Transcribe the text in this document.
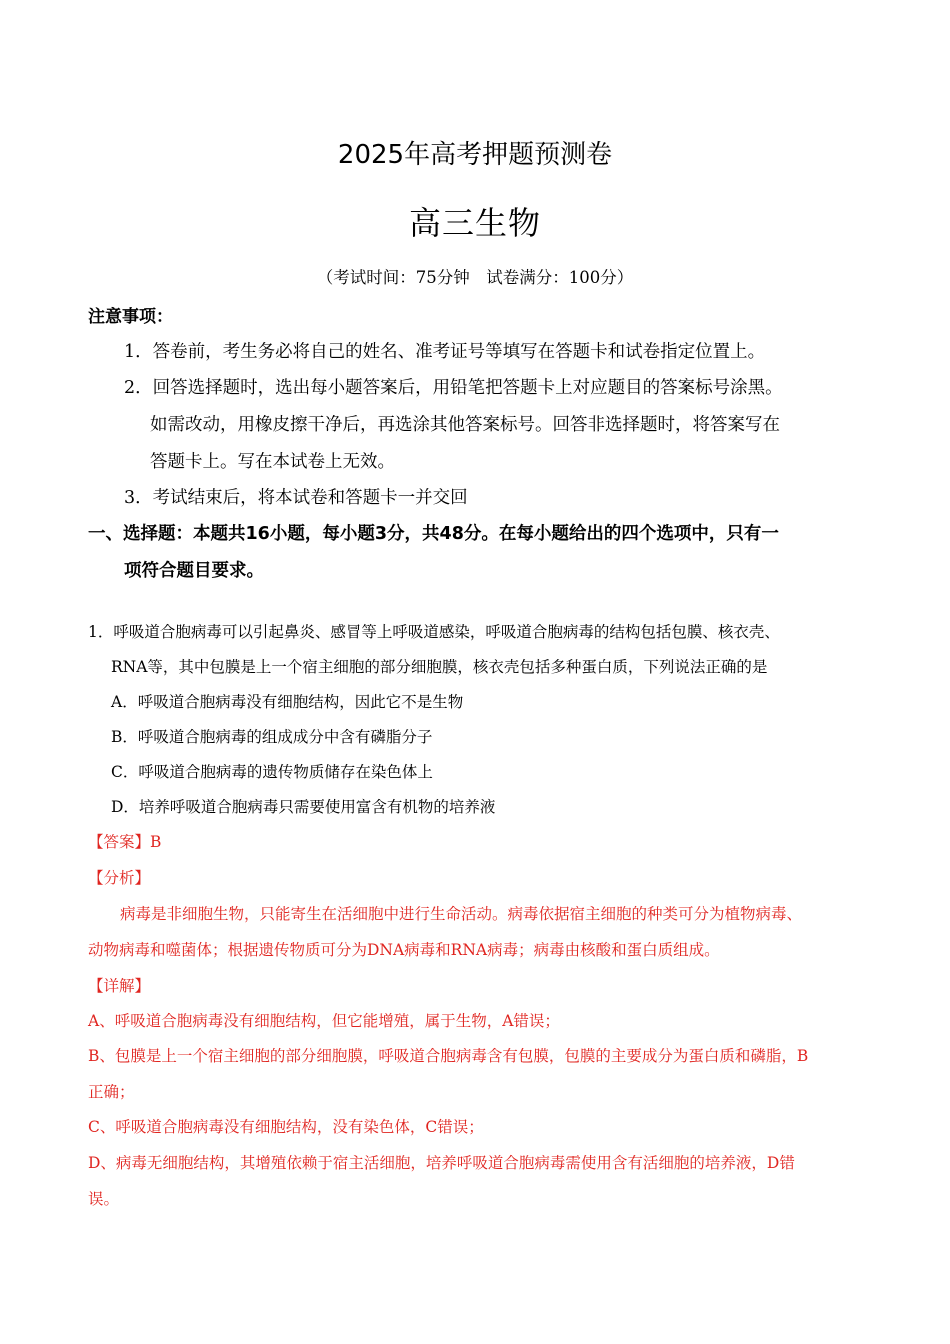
2025年高考押题预测卷
高三生物
（考试时间：75分钟　试卷满分：100分）
注意事项：
1．答卷前，考生务必将自己的姓名、准考证号等填写在答题卡和试卷指定位置上。
2．回答选择题时，选出每小题答案后，用铅笔把答题卡上对应题目的答案标号涂黑。
如需改动，用橡皮擦干净后，再选涂其他答案标号。回答非选择题时，将答案写在
答题卡上。写在本试卷上无效。
3．考试结束后，将本试卷和答题卡一并交回
一、选择题：本题共16小题，每小题3分，共48分。在每小题给出的四个选项中，只有一
项符合题目要求。
1．呼吸道合胞病毒可以引起鼻炎、感冒等上呼吸道感染，呼吸道合胞病毒的结构包括包膜、核衣壳、
RNA等，其中包膜是上一个宿主细胞的部分细胞膜，核衣壳包括多种蛋白质，下列说法正确的是
A．呼吸道合胞病毒没有细胞结构，因此它不是生物
B．呼吸道合胞病毒的组成成分中含有磷脂分子
C．呼吸道合胞病毒的遗传物质储存在染色体上
D．培养呼吸道合胞病毒只需要使用富含有机物的培养液
【答案】B
【分析】
病毒是非细胞生物，只能寄生在活细胞中进行生命活动。病毒依据宿主细胞的种类可分为植物病毒、
动物病毒和噬菌体；根据遗传物质可分为DNA病毒和RNA病毒；病毒由核酸和蛋白质组成。
【详解】
A、呼吸道合胞病毒没有细胞结构，但它能增殖，属于生物，A错误；
B、包膜是上一个宿主细胞的部分细胞膜，呼吸道合胞病毒含有包膜，包膜的主要成分为蛋白质和磷脂，B
正确；
C、呼吸道合胞病毒没有细胞结构，没有染色体，C错误；
D、病毒无细胞结构，其增殖依赖于宿主活细胞，培养呼吸道合胞病毒需使用含有活细胞的培养液，D错
误。
